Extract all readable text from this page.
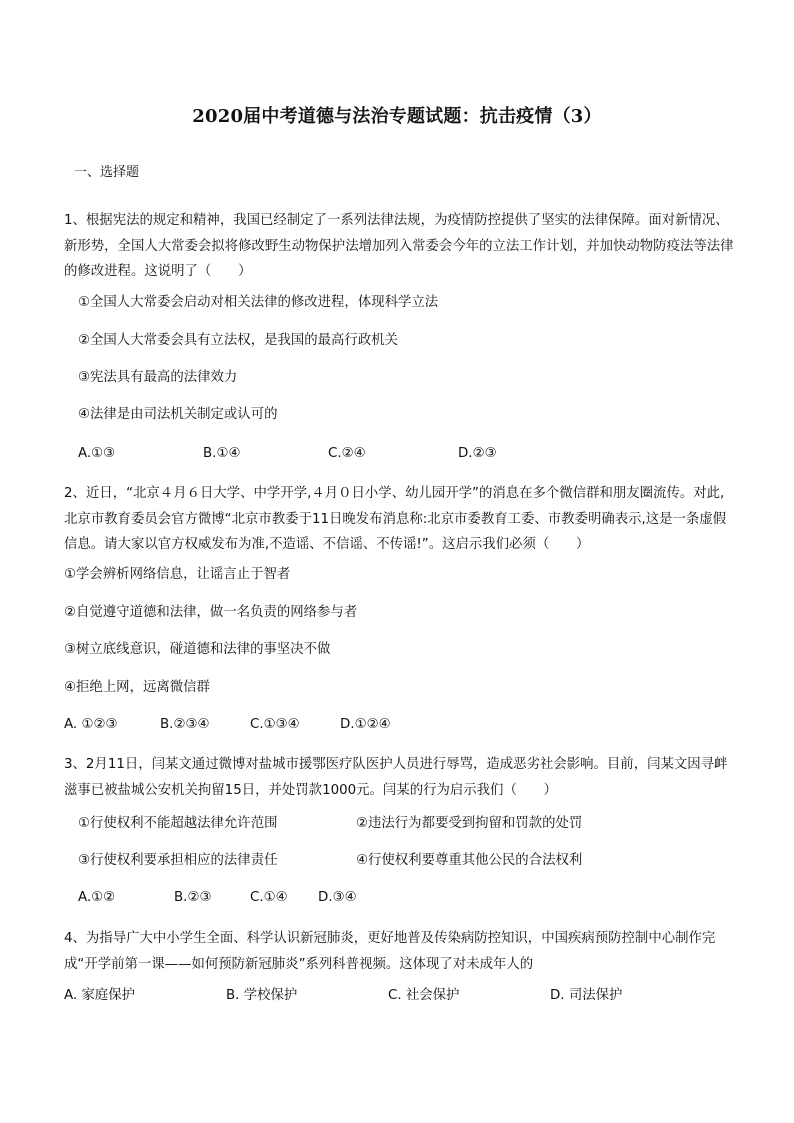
2020届中考道德与法治专题试题：抗击疫情（3）
一、选择题
1、根据宪法的规定和精神，我国已经制定了一系列法律法规，为疫情防控提供了坚实的法律保障。面对新情况、新形势，全国人大常委会拟将修改野生动物保护法增加列入常委会今年的立法工作计划，并加快动物防疫法等法律的修改进程。这说明了（　　）
①全国人大常委会启动对相关法律的修改进程，体现科学立法
②全国人大常委会具有立法权，是我国的最高行政机关
③宪法具有最高的法律效力
④法律是由司法机关制定或认可的
A.①③	B.①④	C.②④	D.②③
2、近日，“北京４月６日大学、中学开学,４月０日小学、幼儿园开学”的消息在多个微信群和朋友圈流传。对此,北京市教育委员会官方微博“北京市教委于11日晚发布消息称:北京市委教育工委、市教委明确表示,这是一条虚假信息。请大家以官方权威发布为准,不造谣、不信谣、不传谣!”。这启示我们必须（　　）
①学会辨析网络信息，让谣言止于智者
②自觉遵守道德和法律，做一名负责的网络参与者
③树立底线意识，碰道德和法律的事坚决不做
④拒绝上网，远离微信群
A. ①②③	B.②③④	C.①③④	D.①②④
3、2月11日，闫某文通过微博对盐城市援鄂医疗队医护人员进行辱骂，造成恶劣社会影响。目前，闫某文因寻衅滋事已被盐城公安机关拘留15日，并处罚款1000元。闫某的行为启示我们（　　）
①行使权利不能超越法律允许范围	②违法行为都要受到拘留和罚款的处罚
③行使权利要承担相应的法律责任	④行使权利要尊重其他公民的合法权利
A.①②	B.②③	C.①④ D.③④
4、为指导广大中小学生全面、科学认识新冠肺炎，更好地普及传染病防控知识，中国疾病预防控制中心制作完成“开学前第一课——如何预防新冠肺炎”系列科普视频。这体现了对未成年人的
A. 家庭保护	B. 学校保护	C. 社会保护	D. 司法保护
